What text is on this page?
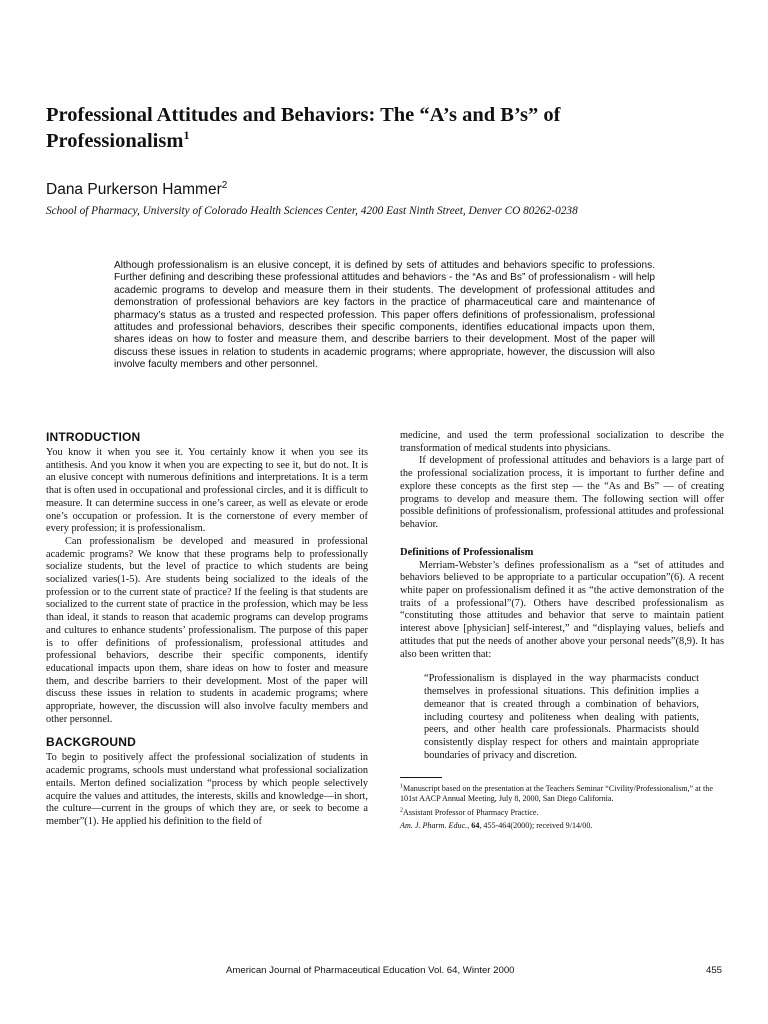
Professional Attitudes and Behaviors: The “A’s and B’s” of Professionalism$^1$

Dana Purkerson Hammer$^2$

School of Pharmacy, University of Colorado Health Sciences Center, 4200 East Ninth Street, Denver CO 80262-0238

Although professionalism is an elusive concept, it is defined by sets of attitudes and behaviors specific to professions. Further defining and describing these professional attitudes and behaviors - the “As and Bs” of professionalism - will help academic programs to develop and measure them in their students. The development of professional attitudes and demonstration of professional behaviors are key factors in the practice of pharmaceutical care and maintenance of pharmacy’s status as a trusted and respected profession. This paper offers definitions of professionalism, professional attitudes and professional behaviors, describes their specific components, identifies educational impacts upon them, shares ideas on how to foster and measure them, and describe barriers to their development. Most of the paper will discuss these issues in relation to students in academic programs; where appropriate, however, the discussion will also involve faculty members and other personnel.

INTRODUCTION

You know it when you see it. You certainly know it when you see its antithesis. And you know it when you are expecting to see it, but do not. It is an elusive concept with numerous definitions and interpretations. It is a term that is often used in occupational and professional circles, and it is difficult to measure. It can determine success in one’s career, as well as elevate or erode one’s occupation or profession. It is the cornerstone of every member of every profession; it is professionalism.

Can professionalism be developed and measured in professional academic programs? We know that these programs help to professionally socialize students, but the level of practice to which students are being socialized varies(1-5). Are students being socialized to the ideals of the profession or to the current state of practice? If the feeling is that students are socialized to the current state of practice in the profession, which may be less than ideal, it stands to reason that academic programs can develop programs and cultures to enhance students’ professionalism. The purpose of this paper is to offer definitions of professionalism, professional attitudes and professional behaviors, describe their specific components, identify educational impacts upon them, share ideas on how to foster and measure them, and describe barriers to their development. Most of the paper will discuss these issues in relation to students in academic programs; where appropriate, however, the discussion will also involve faculty members and other personnel.

BACKGROUND

To begin to positively affect the professional socialization of students in academic programs, schools must understand what professional socialization entails. Merton defined socialization “process by which people selectively acquire the values and attitudes, the interests, skills and knowledge—in short, the culture—current in the groups of which they are, or seek to become a member”(1). He applied his definition to the field of

medicine, and used the term professional socialization to describe the transformation of medical students into physicians.

If development of professional attitudes and behaviors is a large part of the professional socialization process, it is important to further define and explore these concepts as the first step — the “As and Bs” — of creating programs to develop and measure them. The following section will offer possible definitions of professionalism, professional attitudes and professional behavior.

Definitions of Professionalism

Merriam-Webster’s defines professionalism as a “set of attitudes and behaviors believed to be appropriate to a particular occupation”(6). A recent white paper on professionalism defined it as “the active demonstration of the traits of a professional”(7). Others have described professionalism as “constituting those attitudes and behavior that serve to maintain patient interest above [physician] self-interest,” and “displaying values, beliefs and attitudes that put the needs of another above your personal needs”(8,9). It has also been written that:

“Professionalism is displayed in the way pharmacists conduct themselves in professional situations. This definition implies a demeanor that is created through a combination of behaviors, including courtesy and politeness when dealing with patients, peers, and other health care professionals. Pharmacists should consistently display respect for others and maintain appropriate boundaries of privacy and discretion.

$^1$Manuscript based on the presentation at the Teachers Seminar “Civility/Professionalism,” at the 101st AACP Annual Meeting, July 8, 2000, San Diego California.

$^2$Assistant Professor of Pharmacy Practice.

Am. J. Pharm. Educ., 64, 455-464(2000); received 9/14/00.

American Journal of Pharmaceutical Education Vol. 64, Winter 2000	455
